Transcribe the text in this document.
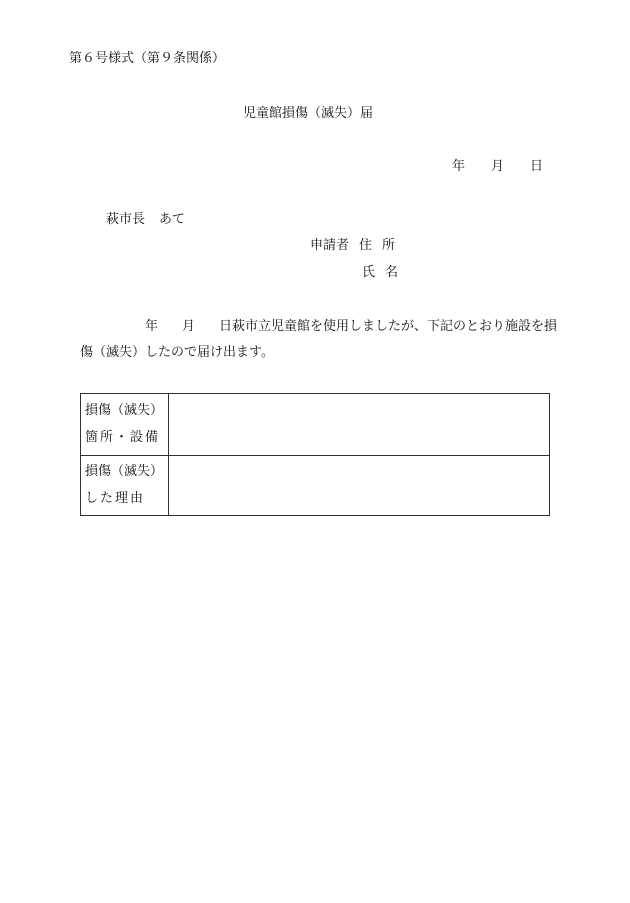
第６号様式（第９条関係）
児童館損傷（滅失）届
年 月 日
萩市長 あて
申請者 住 所
氏 名
年 月 日萩市立児童館を使用しましたが、下記のとおり施設を損
傷（滅失）したので届け出ます。
損傷（滅失）
箇所・設備
損傷（滅失）
した理由
